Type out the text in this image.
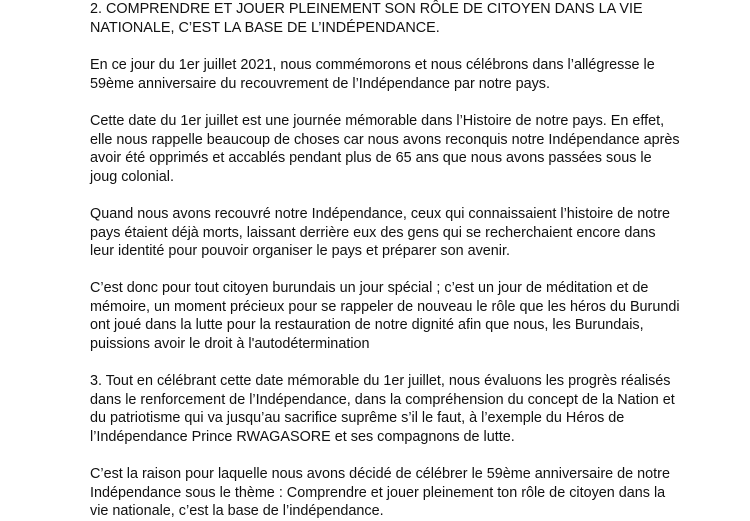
2. COMPRENDRE ET JOUER PLEINEMENT SON RÔLE DE CITOYEN DANS LA VIE
NATIONALE, C’EST LA BASE DE L’INDÉPENDANCE.

En ce jour du 1er juillet 2021, nous commémorons et nous célébrons dans l’allégresse le
59ème anniversaire du recouvrement de l’Indépendance par notre pays.

Cette date du 1er juillet est une journée mémorable dans l’Histoire de notre pays. En effet,
elle nous rappelle beaucoup de choses car nous avons reconquis notre Indépendance après
avoir été opprimés et accablés pendant plus de 65 ans que nous avons passées sous le
joug colonial.

Quand nous avons recouvré notre Indépendance, ceux qui connaissaient l’histoire de notre
pays étaient déjà morts, laissant derrière eux des gens qui se recherchaient encore dans
leur identité pour pouvoir organiser le pays et préparer son avenir.

C’est donc pour tout citoyen burundais un jour spécial ; c’est un jour de méditation et de
mémoire, un moment précieux pour se rappeler de nouveau le rôle que les héros du Burundi
ont joué dans la lutte pour la restauration de notre dignité afin que nous, les Burundais,
puissions avoir le droit à l'autodétermination

3. Tout en célébrant cette date mémorable du 1er juillet, nous évaluons les progrès réalisés
dans le renforcement de l’Indépendance, dans la compréhension du concept de la Nation et
du patriotisme qui va jusqu’au sacrifice suprême s’il le faut, à l’exemple du Héros de
l’Indépendance Prince RWAGASORE et ses compagnons de lutte.

C’est la raison pour laquelle nous avons décidé de célébrer le 59ème anniversaire de notre
Indépendance sous le thème : Comprendre et jouer pleinement ton rôle de citoyen dans la
vie nationale, c’est la base de l’indépendance.
